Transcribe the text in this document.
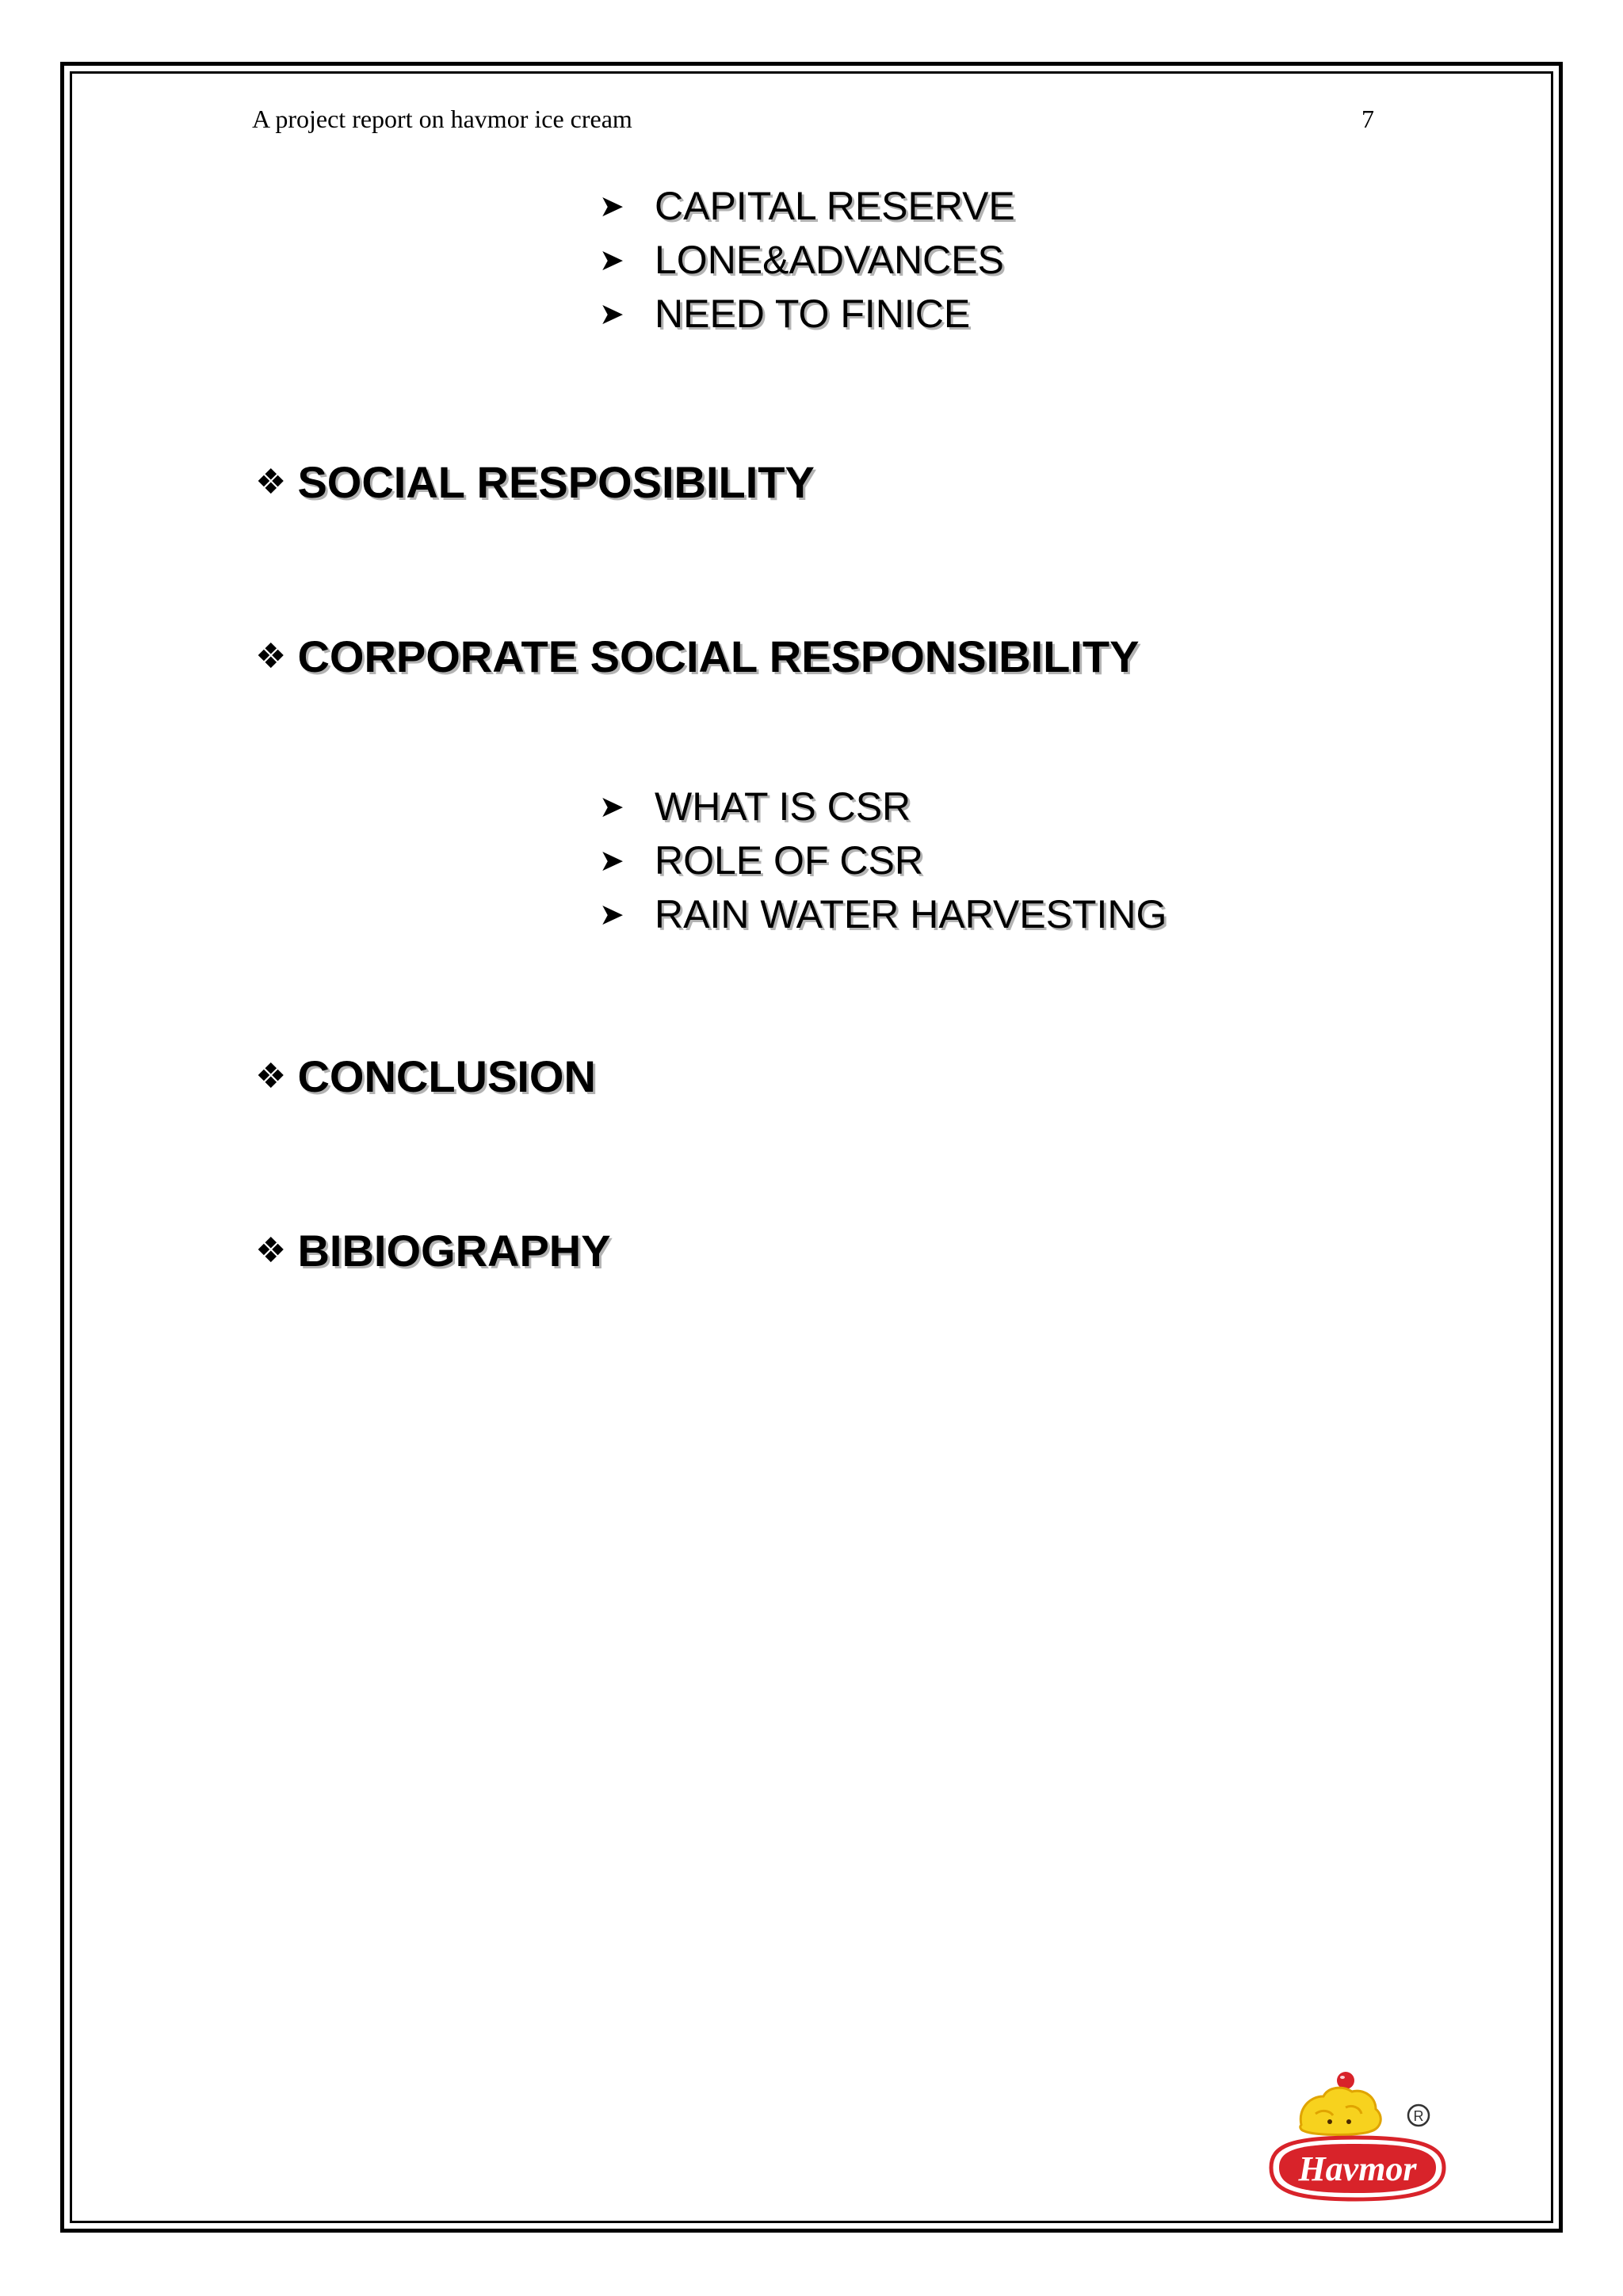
A project report on havmor ice cream	7
➤ CAPITAL RESERVE
➤ LONE&ADVANCES
➤ NEED TO FINICE
❖ SOCIAL RESPOSIBILITY
❖ CORPORATE SOCIAL RESPONSIBILITY
➤ WHAT IS CSR
➤ ROLE OF CSR
➤ RAIN WATER HARVESTING
❖ CONCLUSION
❖ BIBIOGRAPHY
R
Havmor
